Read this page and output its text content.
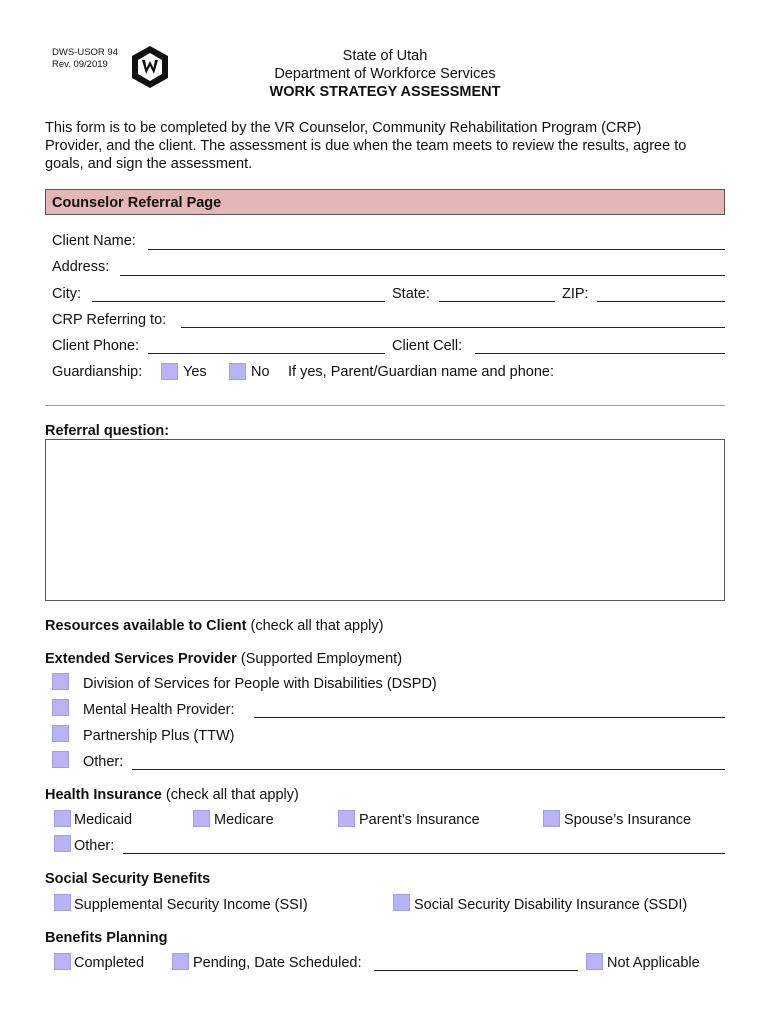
DWS-USOR 94
Rev. 09/2019
State of Utah
Department of Workforce Services
WORK STRATEGY ASSESSMENT
This form is to be completed by the VR Counselor, Community Rehabilitation Program (CRP)
Provider, and the client. The assessment is due when the team meets to review the results, agree to
goals, and sign the assessment.
Counselor Referral Page
Client Name:
Address:
City:	State:	ZIP:
CRP Referring to:
Client Phone:	Client Cell:
Guardianship:	Yes	No If yes, Parent/Guardian name and phone:
Referral question:
Resources available to Client (check all that apply)
Extended Services Provider (Supported Employment)
Division of Services for People with Disabilities (DSPD)
Mental Health Provider:
Partnership Plus (TTW)
Other:
Health Insurance (check all that apply)
Medicaid	Medicare	Parent’s Insurance	Spouse’s Insurance
Other:
Social Security Benefits
Supplemental Security Income (SSI)	Social Security Disability Insurance (SSDI)
Benefits Planning
Completed	Pending, Date Scheduled:	Not Applicable
